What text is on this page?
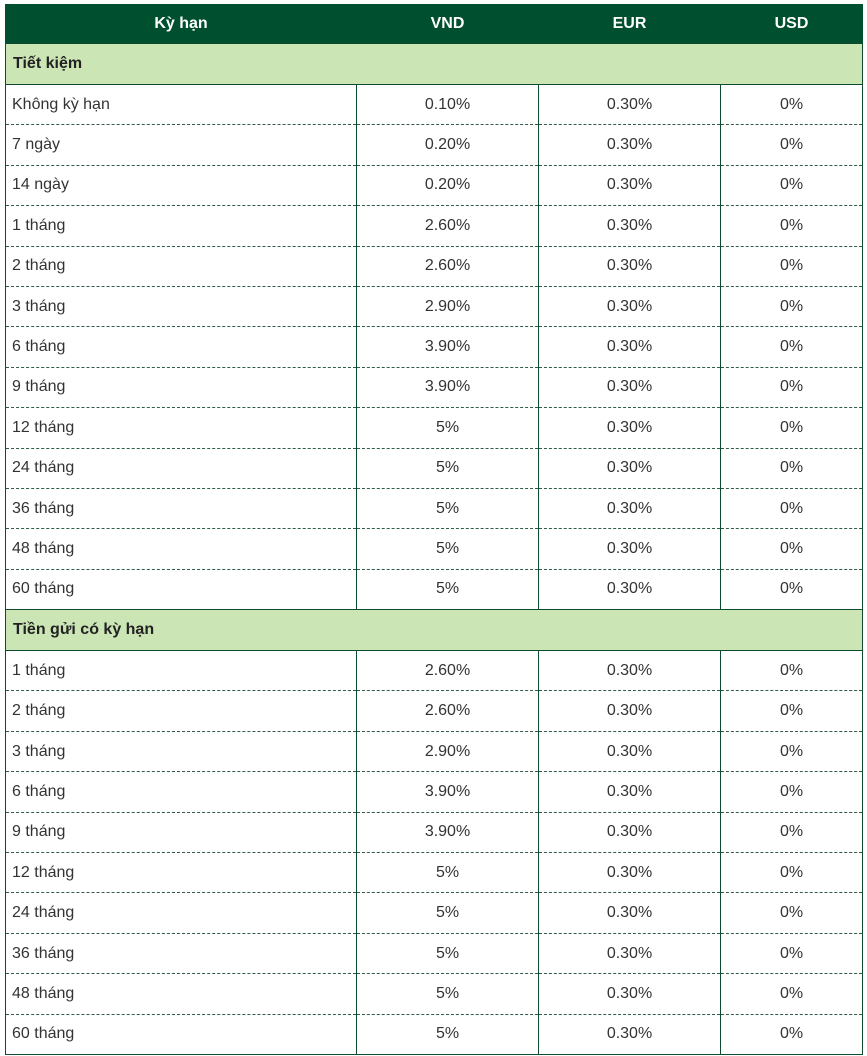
Kỳ hạn	VND	EUR	USD
Tiết kiệm			
Không kỳ hạn	0.10%	0.30%	0%
7 ngày	0.20%	0.30%	0%
14 ngày	0.20%	0.30%	0%
1 tháng	2.60%	0.30%	0%
2 tháng	2.60%	0.30%	0%
3 tháng	2.90%	0.30%	0%
6 tháng	3.90%	0.30%	0%
9 tháng	3.90%	0.30%	0%
12 tháng	5%	0.30%	0%
24 tháng	5%	0.30%	0%
36 tháng	5%	0.30%	0%
48 tháng	5%	0.30%	0%
60 tháng	5%	0.30%	0%
Tiền gửi có kỳ hạn			
1 tháng	2.60%	0.30%	0%
2 tháng	2.60%	0.30%	0%
3 tháng	2.90%	0.30%	0%
6 tháng	3.90%	0.30%	0%
9 tháng	3.90%	0.30%	0%
12 tháng	5%	0.30%	0%
24 tháng	5%	0.30%	0%
36 tháng	5%	0.30%	0%
48 tháng	5%	0.30%	0%
60 tháng	5%	0.30%	0%
